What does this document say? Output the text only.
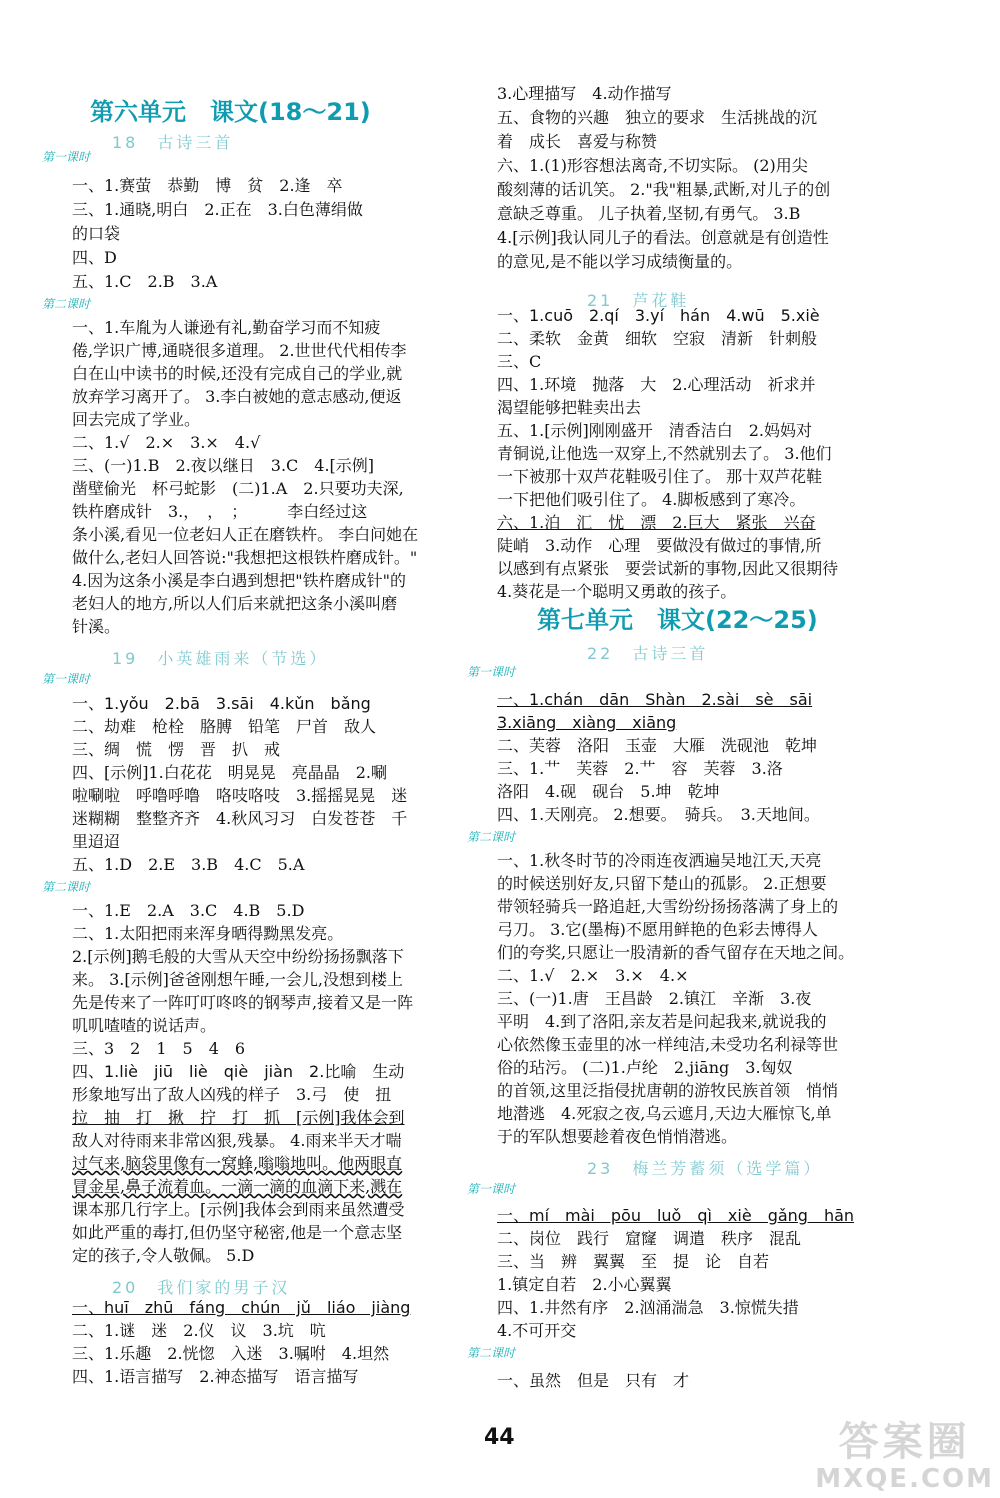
第六单元　课文(18～21)
18　古诗三首
19　小英雄雨来（节选）
20　我们家的男子汉
第一课时
一、1.赛萤　恭勤　博　贫　2.逢　卒
三、1.通晓,明白　2.正在　3.白色薄绢做
的口袋
四、D
五、1.C　2.B　3.A
第二课时
一、1.车胤为人谦逊有礼,勤奋学习而不知疲
倦,学识广博,通晓很多道理。 2.世世代代相传李
白在山中读书的时候,还没有完成自己的学业,就
放弃学习离开了。 3.李白被她的意志感动,便返
回去完成了学业。
二、1.√　2.×　3.×　4.√
三、(一)1.B　2.夜以继日　3.C　4.[示例]
凿壁偷光　杯弓蛇影　(二)1.A　2.只要功夫深,
铁杵磨成针　3.，　，　；　　　李白经过这
条小溪,看见一位老妇人正在磨铁杵。 李白问她在
做什么,老妇人回答说:"我想把这根铁杵磨成针。"
4.因为这条小溪是李白遇到想把"铁杵磨成针"的
老妇人的地方,所以人们后来就把这条小溪叫磨
针溪。
第一课时
一、1.yǒu　2.bā　3.sāi　4.kǔn　bǎng
二、劫难　枪栓　胳膊　铅笔　尸首　敌人
三、绸　慌　愣　晋　扒　戒
四、[示例]1.白花花　明晃晃　亮晶晶　2.唰
啦唰啦　呼噜呼噜　咯吱咯吱　3.摇摇晃晃　迷
迷糊糊　整整齐齐　4.秋风习习　白发苍苍　千
里迢迢
五、1.D　2.E　3.B　4.C　5.A
第二课时
一、1.E　2.A　3.C　4.B　5.D
二、1.太阳把雨来浑身晒得黝黑发亮。
2.[示例]鹅毛般的大雪从天空中纷纷扬扬飘落下
来。 3.[示例]爸爸刚想午睡,一会儿,没想到楼上
先是传来了一阵叮叮咚咚的钢琴声,接着又是一阵
叽叽喳喳的说话声。
三、3　2　1　5　4　6
四、1.liè　jiū　liè　qiè　jiàn　2.比喻　生动
形象地写出了敌人凶残的样子　3.弓　使　扭
拉　抽　打　揪　拧　打　抓　[示例]我体会到
敌人对待雨来非常凶狠,残暴。 4.雨来半天才喘
过气来,脑袋里像有一窝蜂,嗡嗡地叫。他两眼直
冒金星,鼻子流着血。一滴一滴的血滴下来,溅在
课本那几行字上。[示例]我体会到雨来虽然遭受
如此严重的毒打,但仍坚守秘密,他是一个意志坚
定的孩子,令人敬佩。 5.D
一、huī　zhū　fáng　chún　jǔ　liáo　jiàng
二、1.谜　迷　2.仪　议　3.坑　吭
三、1.乐趣　2.恍惚　入迷　3.嘱咐　4.坦然
四、1.语言描写　2.神态描写　语言描写
第七单元　课文(22～25)
21　芦花鞋
22　古诗三首
23　梅兰芳蓄须（选学篇）
3.心理描写　4.动作描写
五、食物的兴趣　独立的要求　生活挑战的沉
着　成长　喜爱与称赞
六、1.(1)形容想法离奇,不切实际。 (2)用尖
酸刻薄的话讥笑。 2."我"粗暴,武断,对儿子的创
意缺乏尊重。 儿子执着,坚韧,有勇气。 3.B
4.[示例]我认同儿子的看法。创意就是有创造性
的意见,是不能以学习成绩衡量的。
一、1.cuō　2.qí　3.yí　hán　4.wū　5.xiè
二、柔软　金黄　细软　空寂　清新　针刺般
三、C
四、1.环境　抛落　大　2.心理活动　祈求并
渴望能够把鞋卖出去
五、1.[示例]刚刚盛开　清香洁白　2.妈妈对
青铜说,让他选一双穿上,不然就别去了。 3.他们
一下被那十双芦花鞋吸引住了。 那十双芦花鞋
一下把他们吸引住了。 4.脚板感到了寒冷。
六、1.泊　汇　忧　漂　2.巨大　紧张　兴奋
陡峭　3.动作　心理　要做没有做过的事情,所
以感到有点紧张　要尝试新的事物,因此又很期待
4.葵花是一个聪明又勇敢的孩子。
第一课时
一、1.chán　dān　Shàn　2.sài　sè　sāi
3.xiāng　xiàng　xiāng
二、芙蓉　洛阳　玉壶　大雁　洗砚池　乾坤
三、1.艹　芙蓉　2.艹　容　芙蓉　3.洛
洛阳　4.砚　砚台　5.坤　乾坤
四、1.天刚亮。 2.想要。　骑兵。　3.天地间。
第二课时
一、1.秋冬时节的冷雨连夜洒遍吴地江天,天亮
的时候送别好友,只留下楚山的孤影。 2.正想要
带领轻骑兵一路追赶,大雪纷纷扬扬落满了身上的
弓刀。 3.它(墨梅)不愿用鲜艳的色彩去博得人
们的夸奖,只愿让一股清新的香气留存在天地之间。
二、1.√　2.×　3.×　4.×
三、(一)1.唐　王昌龄　2.镇江　辛渐　3.夜
平明　4.到了洛阳,亲友若是问起我来,就说我的
心依然像玉壶里的冰一样纯洁,未受功名利禄等世
俗的玷污。 (二)1.卢纶　2.jiāng　3.匈奴
的首领,这里泛指侵扰唐朝的游牧民族首领　悄悄
地潜逃　4.死寂之夜,乌云遮月,天边大雁惊飞,单
于的军队想要趁着夜色悄悄潜逃。
第一课时
一、mí　mài　pōu　luǒ　qì　xiè　gǎng　hān
二、岗位　践行　窟窿　调遣　秩序　混乱
三、当　辨　翼翼　至　提　论　自若
1.镇定自若　2.小心翼翼
四、1.井然有序　2.汹涌湍急　3.惊慌失措
4.不可开交
第二课时
一、虽然　但是　只有　才
44	答案圈
MXQE.COM
